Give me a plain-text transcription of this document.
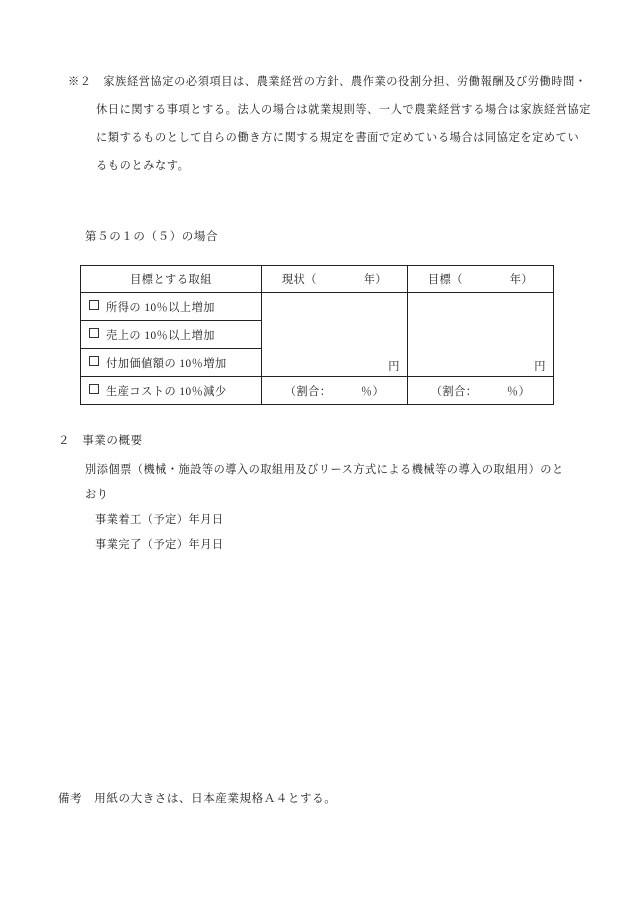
※２　家族経営協定の必須項目は、農業経営の方針、農作業の役割分担、労働報酬及び労働時間・
休日に関する事項とする。法人の場合は就業規則等、一人で農業経営する場合は家族経営協定
に類するものとして自らの働き方に関する規定を書面で定めている場合は同協定を定めてい
るものとみなす。
第５の１の（５）の場合
目標とする取組	現状（　　　　年）	目標（　　　　年）
所得の 10％以上増加	円	円

売上の 10％以上増加		
付加価値額の 10％増加		
生産コストの 10％減少	（割合：　　　％）	（割合：　　　％）
２　事業の概要
別添個票（機械・施設等の導入の取組用及びリース方式による機械等の導入の取組用）のと
おり
事業着工（予定）年月日
事業完了（予定）年月日
備考　用紙の大きさは、日本産業規格Ａ４とする。
